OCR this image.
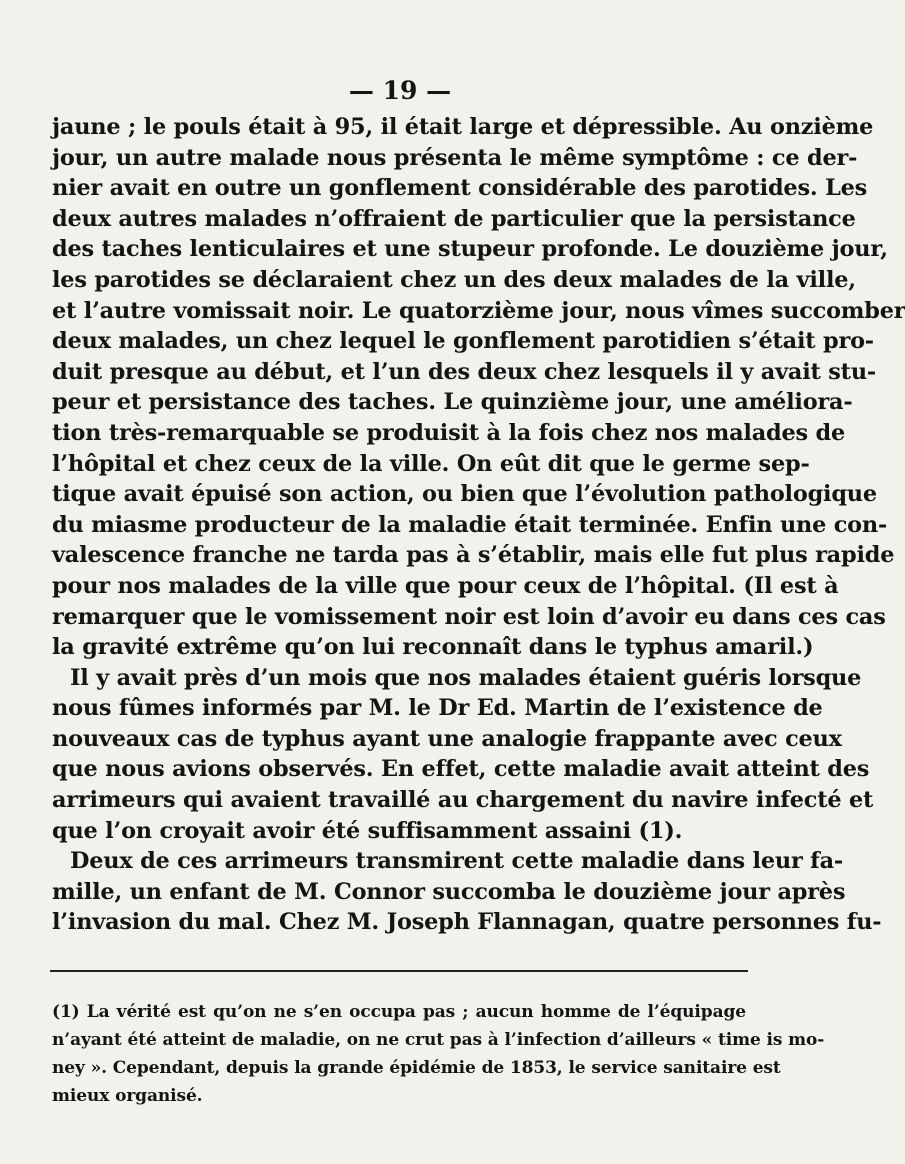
— 19 —

jaune ; le pouls était à 95, il était large et dépressible. Au onzième
jour, un autre malade nous présenta le même symptôme : ce der-
nier avait en outre un gonflement considérable des parotides. Les
deux autres malades n’offraient de particulier que la persistance
des taches lenticulaires et une stupeur profonde. Le douzième jour,
les parotides se déclaraient chez un des deux malades de la ville,
et l’autre vomissait noir. Le quatorzième jour, nous vîmes succomber
deux malades, un chez lequel le gonflement parotidien s’était pro-
duit presque au début, et l’un des deux chez lesquels il y avait stu-
peur et persistance des taches. Le quinzième jour, une améliora-
tion très-remarquable se produisit à la fois chez nos malades de
l’hôpital et chez ceux de la ville. On eût dit que le germe sep-
tique avait épuisé son action, ou bien que l’évolution pathologique
du miasme producteur de la maladie était terminée. Enfin une con-
valescence franche ne tarda pas à s’établir, mais elle fut plus rapide
pour nos malades de la ville que pour ceux de l’hôpital. (Il est à
remarquer que le vomissement noir est loin d’avoir eu dans ces cas
la gravité extrême qu’on lui reconnaît dans le typhus amaril.)

Il y avait près d’un mois que nos malades étaient guéris lorsque
nous fûmes informés par M. le Dr Ed. Martin de l’existence de
nouveaux cas de typhus ayant une analogie frappante avec ceux
que nous avions observés. En effet, cette maladie avait atteint des
arrimeurs qui avaient travaillé au chargement du navire infecté et
que l’on croyait avoir été suffisamment assaini (1).

Deux de ces arrimeurs transmirent cette maladie dans leur fa-
mille, un enfant de M. Connor succomba le douzième jour après
l’invasion du mal. Chez M. Joseph Flannagan, quatre personnes fu-

(1) La vérité est qu’on ne s’en occupa pas ; aucun homme de l’équipage
n’ayant été atteint de maladie, on ne crut pas à l’infection d’ailleurs « time is mo-
ney ». Cependant, depuis la grande épidémie de 1853, le service sanitaire est
mieux organisé.
